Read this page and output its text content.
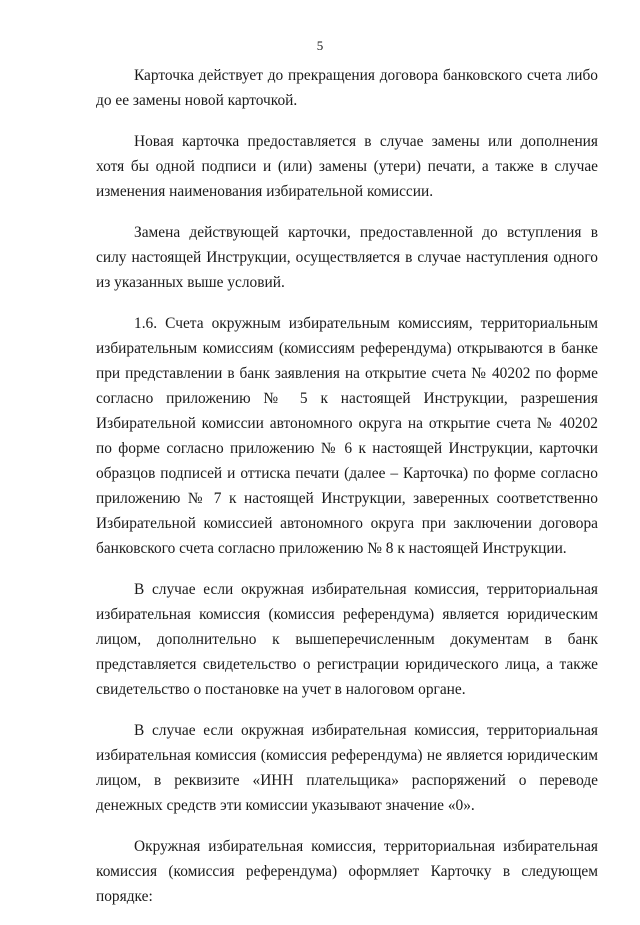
5

Карточка действует до прекращения договора банковского счета либо до ее замены новой карточкой.

Новая карточка предоставляется в случае замены или дополнения хотя бы одной подписи и (или) замены (утери) печати, а также в случае изменения наименования избирательной комиссии.

Замена действующей карточки, предоставленной до вступления в силу настоящей Инструкции, осуществляется в случае наступления одного из указанных выше условий.

1.6. Счета окружным избирательным комиссиям, территориальным избирательным комиссиям (комиссиям референдума) открываются в банке при представлении в банк заявления на открытие счета № 40202 по форме согласно приложению № 5 к настоящей Инструкции, разрешения Избирательной комиссии автономного округа на открытие счета № 40202 по форме согласно приложению № 6 к настоящей Инструкции, карточки образцов подписей и оттиска печати (далее – Карточка) по форме согласно приложению № 7 к настоящей Инструкции, заверенных соответственно Избирательной комиссией автономного округа при заключении договора банковского счета согласно приложению № 8 к настоящей Инструкции.

В случае если окружная избирательная комиссия, территориальная избирательная комиссия (комиссия референдума) является юридическим лицом, дополнительно к вышеперечисленным документам в банк представляется свидетельство о регистрации юридического лица, а также свидетельство о постановке на учет в налоговом органе.

В случае если окружная избирательная комиссия, территориальная избирательная комиссия (комиссия референдума) не является юридическим лицом, в реквизите «ИНН плательщика» распоряжений о переводе денежных средств эти комиссии указывают значение «0».

Окружная избирательная комиссия, территориальная избирательная комиссия (комиссия референдума) оформляет Карточку в следующем порядке:
